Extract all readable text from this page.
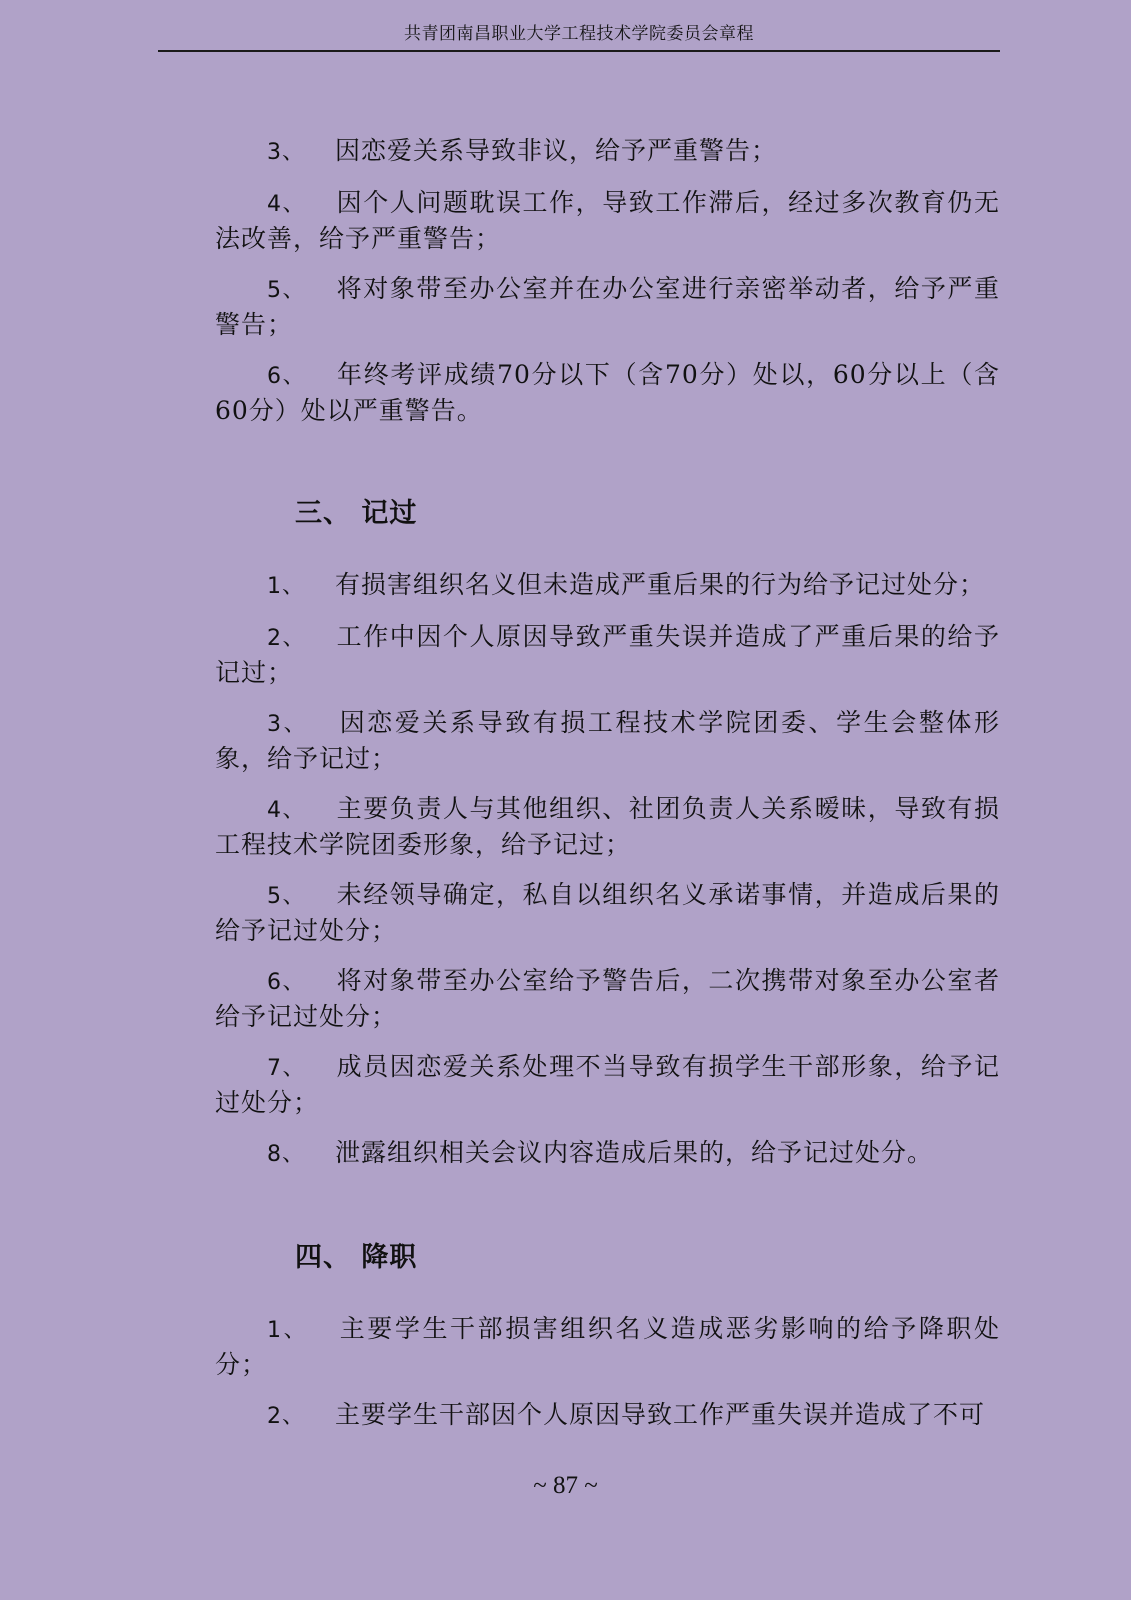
共青团南昌职业大学工程技术学院委员会章程

3、 因恋爱关系导致非议，给予严重警告；

4、 因个人问题耽误工作，导致工作滞后，经过多次教育仍无法改善，给予严重警告；

5、 将对象带至办公室并在办公室进行亲密举动者，给予严重警告；

6、 年终考评成绩70分以下（含70分）处以，60分以上（含60分）处以严重警告。

三、 记过

1、 有损害组织名义但未造成严重后果的行为给予记过处分；

2、 工作中因个人原因导致严重失误并造成了严重后果的给予记过；

3、 因恋爱关系导致有损工程技术学院团委、学生会整体形象，给予记过；

4、 主要负责人与其他组织、社团负责人关系暧昧，导致有损工程技术学院团委形象，给予记过；

5、 未经领导确定，私自以组织名义承诺事情，并造成后果的给予记过处分；

6、 将对象带至办公室给予警告后，二次携带对象至办公室者给予记过处分；

7、 成员因恋爱关系处理不当导致有损学生干部形象，给予记过处分；

8、 泄露组织相关会议内容造成后果的，给予记过处分。

四、 降职

1、 主要学生干部损害组织名义造成恶劣影响的给予降职处分；

2、 主要学生干部因个人原因导致工作严重失误并造成了不可

~ 87 ~
